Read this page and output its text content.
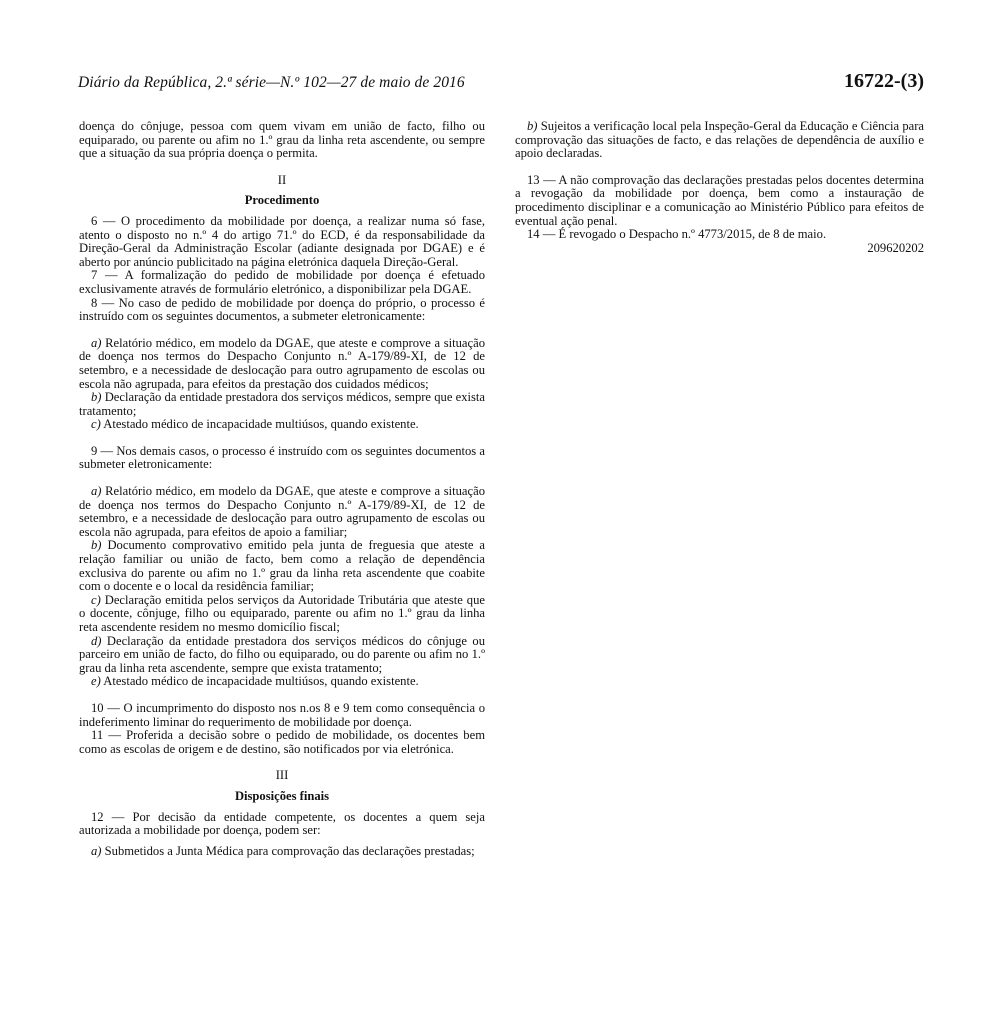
Diário da República, 2.ª série—N.º 102—27 de maio de 2016	16722-(3)

doença do cônjuge, pessoa com quem vivam em união de facto, filho ou equiparado, ou parente ou afim no 1.º grau da linha reta ascendente, ou sempre que a situação da sua própria doença o permita.

II

Procedimento

6 — O procedimento da mobilidade por doença, a realizar numa só fase, atento o disposto no n.º 4 do artigo 71.º do ECD, é da responsabilidade da Direção-Geral da Administração Escolar (adiante designada por DGAE) e é aberto por anúncio publicitado na página eletrónica daquela Direção-Geral.

7 — A formalização do pedido de mobilidade por doença é efetuado exclusivamente através de formulário eletrónico, a disponibilizar pela DGAE.

8 — No caso de pedido de mobilidade por doença do próprio, o processo é instruído com os seguintes documentos, a submeter eletronicamente:

a) Relatório médico, em modelo da DGAE, que ateste e comprove a situação de doença nos termos do Despacho Conjunto n.º A-179/89-XI, de 12 de setembro, e a necessidade de deslocação para outro agrupamento de escolas ou escola não agrupada, para efeitos da prestação dos cuidados médicos;

b) Declaração da entidade prestadora dos serviços médicos, sempre que exista tratamento;

c) Atestado médico de incapacidade multiúsos, quando existente.

9 — Nos demais casos, o processo é instruído com os seguintes documentos a submeter eletronicamente:

a) Relatório médico, em modelo da DGAE, que ateste e comprove a situação de doença nos termos do Despacho Conjunto n.º A-179/89-XI, de 12 de setembro, e a necessidade de deslocação para outro agrupamento de escolas ou escola não agrupada, para efeitos de apoio a familiar;

b) Documento comprovativo emitido pela junta de freguesia que ateste a relação familiar ou união de facto, bem como a relação de dependência exclusiva do parente ou afim no 1.º grau da linha reta ascendente que coabite com o docente e o local da residência familiar;

c) Declaração emitida pelos serviços da Autoridade Tributária que ateste que o docente, cônjuge, filho ou equiparado, parente ou afim no 1.º grau da linha reta ascendente residem no mesmo domicílio fiscal;

d) Declaração da entidade prestadora dos serviços médicos do cônjuge ou parceiro em união de facto, do filho ou equiparado, ou do parente ou afim no 1.º grau da linha reta ascendente, sempre que exista tratamento;

e) Atestado médico de incapacidade multiúsos, quando existente.

10 — O incumprimento do disposto nos n.os 8 e 9 tem como consequência o indeferimento liminar do requerimento de mobilidade por doença.

11 — Proferida a decisão sobre o pedido de mobilidade, os docentes bem como as escolas de origem e de destino, são notificados por via eletrónica.

III

Disposições finais

12 — Por decisão da entidade competente, os docentes a quem seja autorizada a mobilidade por doença, podem ser:

a) Submetidos a Junta Médica para comprovação das declarações prestadas;

b) Sujeitos a verificação local pela Inspeção-Geral da Educação e Ciência para comprovação das situações de facto, e das relações de dependência de auxílio e apoio declaradas.

13 — A não comprovação das declarações prestadas pelos docentes determina a revogação da mobilidade por doença, bem como a instauração de procedimento disciplinar e a comunicação ao Ministério Público para efeitos de eventual ação penal.

14 — É revogado o Despacho n.º 4773/2015, de 8 de maio.

209620202
